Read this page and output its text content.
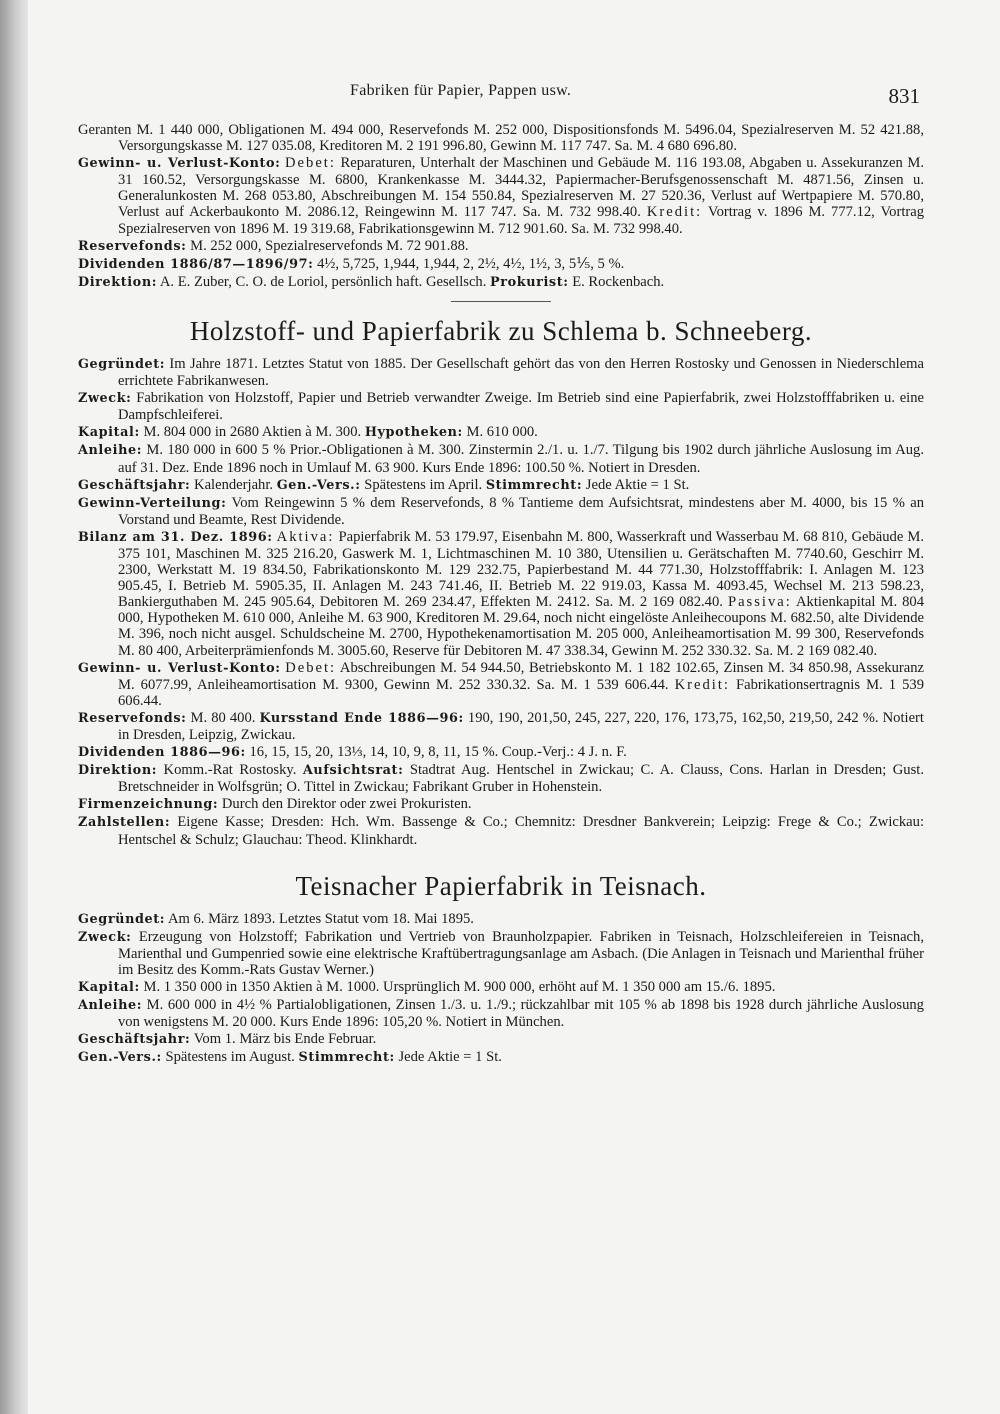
Fabriken für Papier, Pappen usw.	831

Geranten M. 1 440 000, Obligationen M. 494 000, Reservefonds M. 252 000, Dispositionsfonds M. 5496.04, Spezialreserven M. 52 421.88, Versorgungskasse M. 127 035.08, Kreditoren M. 2 191 996.80, Gewinn M. 117 747. Sa. M. 4 680 696.80.

Gewinn- u. Verlust-Konto: Debet: Reparaturen, Unterhalt der Maschinen und Gebäude M. 116 193.08, Abgaben u. Assekuranzen M. 31 160.52, Versorgungskasse M. 6800, Krankenkasse M. 3444.32, Papiermacher-Berufsgenossenschaft M. 4871.56, Zinsen u. Generalunkosten M. 268 053.80, Abschreibungen M. 154 550.84, Spezialreserven M. 27 520.36, Verlust auf Wertpapiere M. 570.80, Verlust auf Ackerbaukonto M. 2086.12, Reingewinn M. 117 747. Sa. M. 732 998.40. Kredit: Vortrag v. 1896 M. 777.12, Vortrag Spezialreserven von 1896 M. 19 319.68, Fabrikationsgewinn M. 712 901.60. Sa. M. 732 998.40.

Reservefonds: M. 252 000, Spezialreservefonds M. 72 901.88.

Dividenden 1886/87—1896/97: 4½, 5,725, 1,944, 1,944, 2, 2½, 4½, 1½, 3, 5⅕, 5 %.

Direktion: A. E. Zuber, C. O. de Loriol, persönlich haft. Gesellsch. Prokurist: E. Rockenbach.

Holzstoff- und Papierfabrik zu Schlema b. Schneeberg.

Gegründet: Im Jahre 1871. Letztes Statut von 1885. Der Gesellschaft gehört das von den Herren Rostosky und Genossen in Niederschlema errichtete Fabrikanwesen.

Zweck: Fabrikation von Holzstoff, Papier und Betrieb verwandter Zweige. Im Betrieb sind eine Papierfabrik, zwei Holzstofffabriken u. eine Dampfschleiferei.

Kapital: M. 804 000 in 2680 Aktien à M. 300. Hypotheken: M. 610 000.

Anleihe: M. 180 000 in 600 5 % Prior.-Obligationen à M. 300. Zinstermin 2./1. u. 1./7. Tilgung bis 1902 durch jährliche Auslosung im Aug. auf 31. Dez. Ende 1896 noch in Umlauf M. 63 900. Kurs Ende 1896: 100.50 %. Notiert in Dresden.

Geschäftsjahr: Kalenderjahr. Gen.-Vers.: Spätestens im April. Stimmrecht: Jede Aktie = 1 St.

Gewinn-Verteilung: Vom Reingewinn 5 % dem Reservefonds, 8 % Tantieme dem Aufsichtsrat, mindestens aber M. 4000, bis 15 % an Vorstand und Beamte, Rest Dividende.

Bilanz am 31. Dez. 1896: Aktiva: Papierfabrik M. 53 179.97, Eisenbahn M. 800, Wasserkraft und Wasserbau M. 68 810, Gebäude M. 375 101, Maschinen M. 325 216.20, Gaswerk M. 1, Lichtmaschinen M. 10 380, Utensilien u. Gerätschaften M. 7740.60, Geschirr M. 2300, Werkstatt M. 19 834.50, Fabrikationskonto M. 129 232.75, Papierbestand M. 44 771.30, Holzstofffabrik: I. Anlagen M. 123 905.45, I. Betrieb M. 5905.35, II. Anlagen M. 243 741.46, II. Betrieb M. 22 919.03, Kassa M. 4093.45, Wechsel M. 213 598.23, Bankierguthaben M. 245 905.64, Debitoren M. 269 234.47, Effekten M. 2412. Sa. M. 2 169 082.40. Passiva: Aktienkapital M. 804 000, Hypotheken M. 610 000, Anleihe M. 63 900, Kreditoren M. 29.64, noch nicht eingelöste Anleihecoupons M. 682.50, alte Dividende M. 396, noch nicht ausgel. Schuldscheine M. 2700, Hypothekenamortisation M. 205 000, Anleiheamortisation M. 99 300, Reservefonds M. 80 400, Arbeiterprämienfonds M. 3005.60, Reserve für Debitoren M. 47 338.34, Gewinn M. 252 330.32. Sa. M. 2 169 082.40.

Gewinn- u. Verlust-Konto: Debet: Abschreibungen M. 54 944.50, Betriebskonto M. 1 182 102.65, Zinsen M. 34 850.98, Assekuranz M. 6077.99, Anleiheamortisation M. 9300, Gewinn M. 252 330.32. Sa. M. 1 539 606.44. Kredit: Fabrikationsertragnis M. 1 539 606.44.

Reservefonds: M. 80 400. Kursstand Ende 1886—96: 190, 190, 201,50, 245, 227, 220, 176, 173,75, 162,50, 219,50, 242 %. Notiert in Dresden, Leipzig, Zwickau.

Dividenden 1886—96: 16, 15, 15, 20, 13⅓, 14, 10, 9, 8, 11, 15 %. Coup.-Verj.: 4 J. n. F.

Direktion: Komm.-Rat Rostosky. Aufsichtsrat: Stadtrat Aug. Hentschel in Zwickau; C. A. Clauss, Cons. Harlan in Dresden; Gust. Bretschneider in Wolfsgrün; O. Tittel in Zwickau; Fabrikant Gruber in Hohenstein.

Firmenzeichnung: Durch den Direktor oder zwei Prokuristen.

Zahlstellen: Eigene Kasse; Dresden: Hch. Wm. Bassenge & Co.; Chemnitz: Dresdner Bankverein; Leipzig: Frege & Co.; Zwickau: Hentschel & Schulz; Glauchau: Theod. Klinkhardt.

Teisnacher Papierfabrik in Teisnach.

Gegründet: Am 6. März 1893. Letztes Statut vom 18. Mai 1895.

Zweck: Erzeugung von Holzstoff; Fabrikation und Vertrieb von Braunholzpapier. Fabriken in Teisnach, Holzschleifereien in Teisnach, Marienthal und Gumpenried sowie eine elektrische Kraftübertragungsanlage am Asbach. (Die Anlagen in Teisnach und Marienthal früher im Besitz des Komm.-Rats Gustav Werner.)

Kapital: M. 1 350 000 in 1350 Aktien à M. 1000. Ursprünglich M. 900 000, erhöht auf M. 1 350 000 am 15./6. 1895.

Anleihe: M. 600 000 in 4½ % Partialobligationen, Zinsen 1./3. u. 1./9.; rückzahlbar mit 105 % ab 1898 bis 1928 durch jährliche Auslosung von wenigstens M. 20 000. Kurs Ende 1896: 105,20 %. Notiert in München.

Geschäftsjahr: Vom 1. März bis Ende Februar.

Gen.-Vers.: Spätestens im August. Stimmrecht: Jede Aktie = 1 St.
